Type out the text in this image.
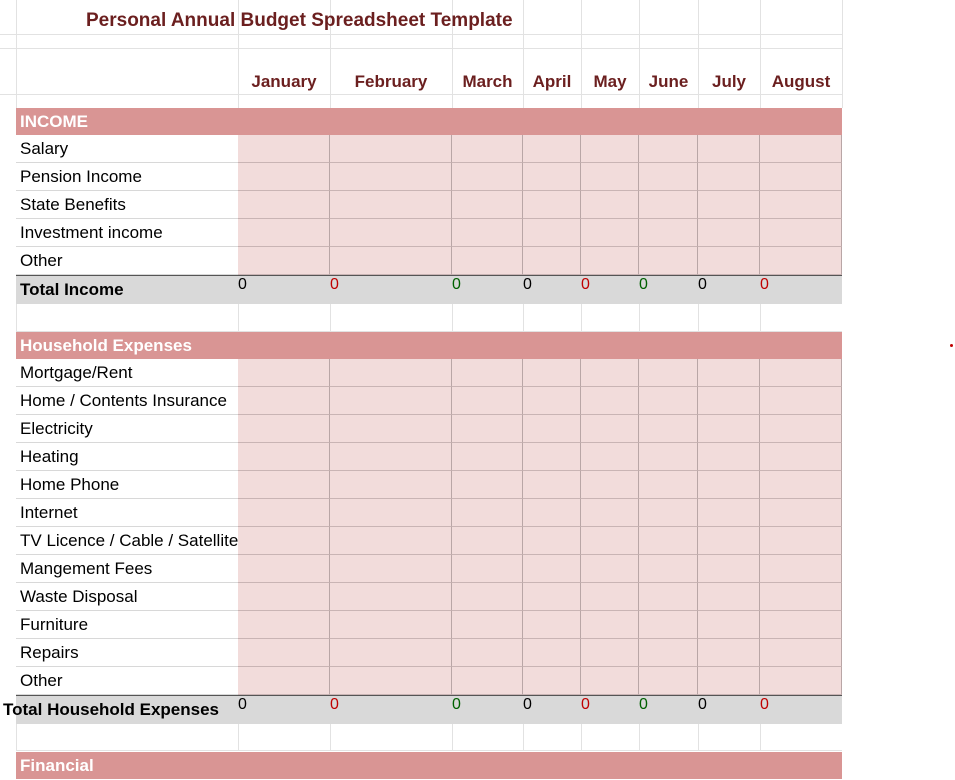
Personal Annual Budget Spreadsheet Template
January	February	March	April	May	June	July	August
INCOME
Salary
Pension Income
State Benefits
Investment income
Other
Total Income	0	0	0	0	0	0	0	0
Household Expenses
Mortgage/Rent
Home / Contents Insurance
Electricity
Heating
Home Phone
Internet
TV Licence / Cable / Satellite
Mangement Fees
Waste Disposal
Furniture
Repairs
Other
Total Household Expenses 0	0	0	0	0	0	0	0
Financial
